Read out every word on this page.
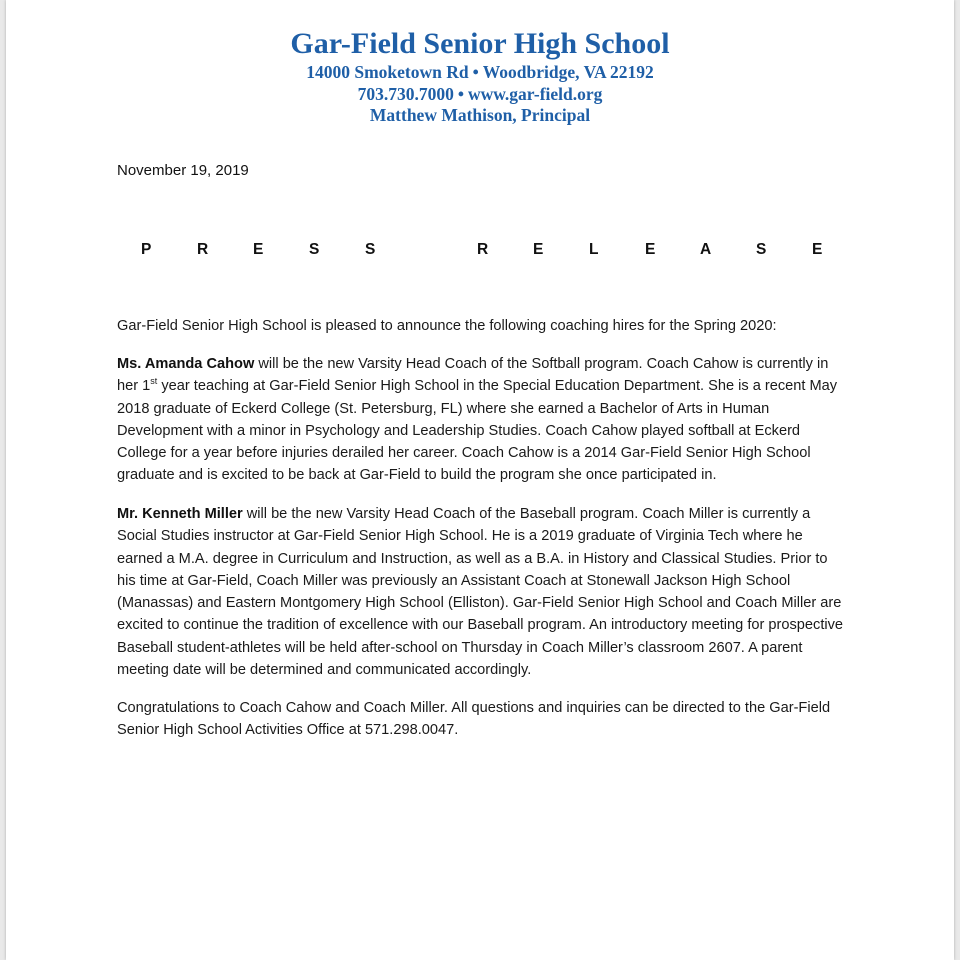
Gar-Field Senior High School
14000 Smoketown Rd • Woodbridge, VA 22192
703.730.7000 • www.gar-field.org
Matthew Mathison, Principal
November 19, 2019
P	R	E	S	S	R	E	L	E	A	S	E
Gar-Field Senior High School is pleased to announce the following coaching hires for the Spring 2020:
Ms. Amanda Cahow will be the new Varsity Head Coach of the Softball program. Coach Cahow is currently in her 1st year teaching at Gar-Field Senior High School in the Special Education Department. She is a recent May 2018 graduate of Eckerd College (St. Petersburg, FL) where she earned a Bachelor of Arts in Human Development with a minor in Psychology and Leadership Studies. Coach Cahow played softball at Eckerd College for a year before injuries derailed her career. Coach Cahow is a 2014 Gar-Field Senior High School graduate and is excited to be back at Gar-Field to build the program she once participated in.
Mr. Kenneth Miller will be the new Varsity Head Coach of the Baseball program. Coach Miller is currently a Social Studies instructor at Gar-Field Senior High School. He is a 2019 graduate of Virginia Tech where he earned a M.A. degree in Curriculum and Instruction, as well as a B.A. in History and Classical Studies. Prior to his time at Gar-Field, Coach Miller was previously an Assistant Coach at Stonewall Jackson High School (Manassas) and Eastern Montgomery High School (Elliston). Gar-Field Senior High School and Coach Miller are excited to continue the tradition of excellence with our Baseball program. An introductory meeting for prospective Baseball student-athletes will be held after-school on Thursday in Coach Miller’s classroom 2607. A parent meeting date will be determined and communicated accordingly.
Congratulations to Coach Cahow and Coach Miller. All questions and inquiries can be directed to the Gar-Field Senior High School Activities Office at 571.298.0047.
